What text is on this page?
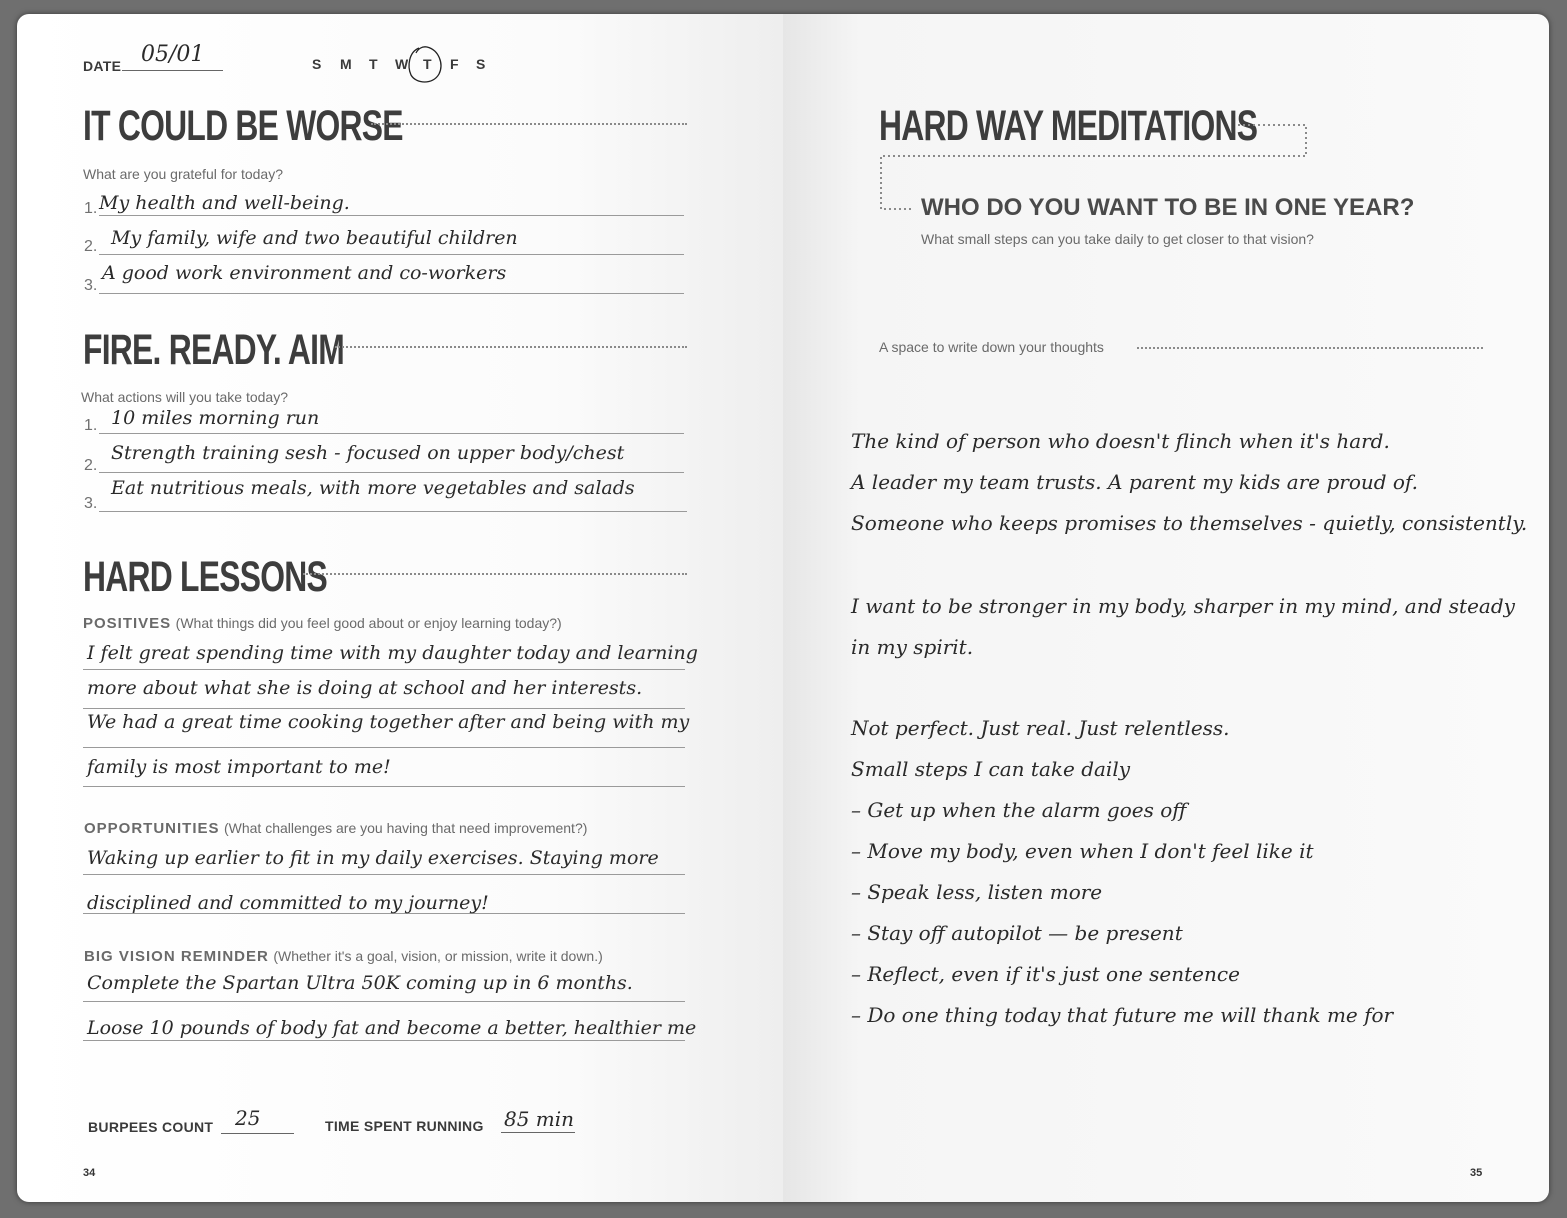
DATE 05/01	S M T W T F S
IT COULD BE WORSE
What are you grateful for today?
1. My health and well-being.
2. My family, wife and two beautiful children
3.
A good work environment and co-workers
FIRE. READY. AIM
What actions will you take today?
1. 10 miles morning run
2.
Strength training sesh - focused on upper body/chest
3.
Eat nutritious meals, with more vegetables and salads
HARD LESSONS
POSITIVES (What things did you feel good about or enjoy learning today?)
I felt great spending time with my daughter today and learning
more about what she is doing at school and her interests.
We had a great time cooking together after and being with my
family is most important to me!
OPPORTUNITIES (What challenges are you having that need improvement?)
Waking up earlier to fit in my daily exercises. Staying more
disciplined and committed to my journey!
BIG VISION REMINDER (Whether it's a goal, vision, or mission, write it down.)
Complete the Spartan Ultra 50K coming up in 6 months.
Loose 10 pounds of body fat and become a better, healthier me
BURPEES COUNT 25	TIME SPENT RUNNING 85 min
34
HARD WAY MEDITATIONS
WHO DO YOU WANT TO BE IN ONE YEAR?
What small steps can you take daily to get closer to that vision?
A space to write down your thoughts
The kind of person who doesn't flinch when it's hard.
A leader my team trusts. A parent my kids are proud of.
Someone who keeps promises to themselves - quietly, consistently.
I want to be stronger in my body, sharper in my mind, and steady
in my spirit.
Not perfect. Just real. Just relentless.
Small steps I can take daily
– Get up when the alarm goes off
– Move my body, even when I don't feel like it
– Speak less, listen more
– Stay off autopilot — be present
– Reflect, even if it's just one sentence
– Do one thing today that future me will thank me for
35
